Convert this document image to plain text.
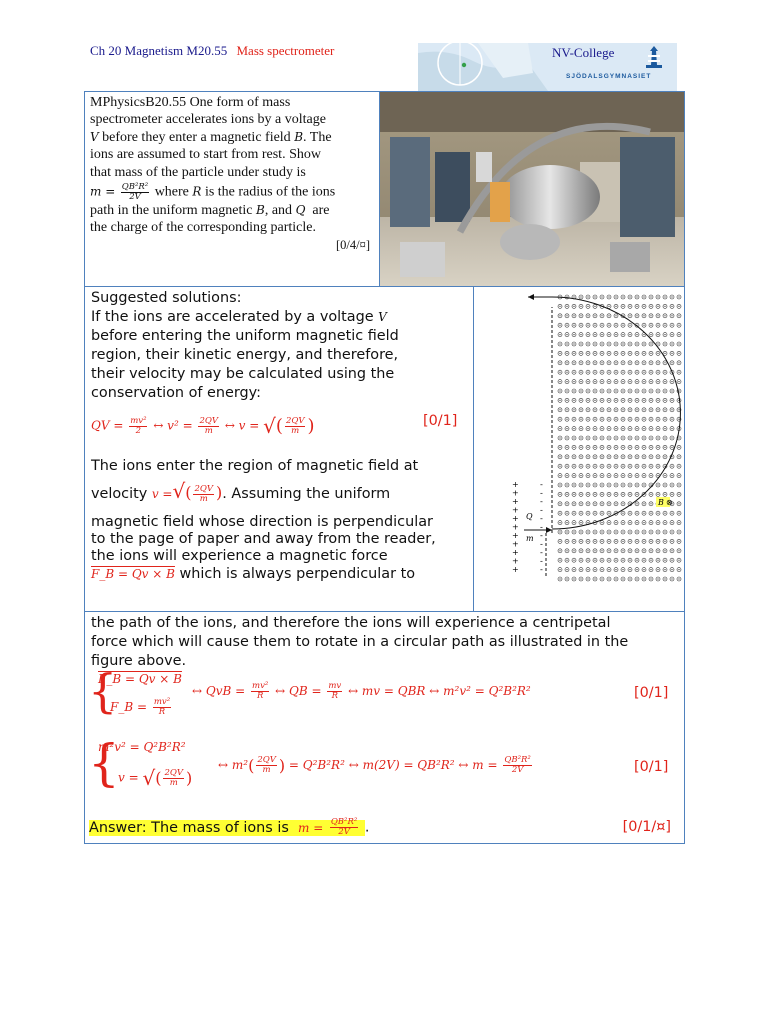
Ch 20 Magnetism M20.55 Mass spectrometer	NV-College
SJÖDALSGYMNASIET
MPhysicsB20.55 One form of mass
spectrometer accelerates ions by a voltage
V before they enter a magnetic field B. The
ions are assumed to start from rest. Show
that mass of the particle under study is
$m = \frac{\text{QB²R²}}{2V}$ where R is the radius of the ions
path in the uniform magnetic B, and Q are
the charge of the corresponding particle.
[0/4/¤]
Suggested solutions:
If the ions are accelerated by a voltage V
before entering the uniform magnetic field
region, their kinetic energy, and therefore,
their velocity may be calculated using the
conservation of energy:
QV = $\frac{\text{mv²}}{2}$ ↔ $v^2 = \frac{2QV}{m}$ ↔ v = √( $\frac{2QV}{m}$ )	[0/1]
The ions enter the region of magnetic field at
velocity v =√( $\frac{2QV}{m}$ ). Assuming the uniform
magnetic field whose direction is perpendicular
to the page of paper and away from the reader,
the ions will experience a magnetic force
F_B = Qv × B which is always perpendicular to
Q
m
B
+	-
+	-
+	-
+	-
+	-
+	-
+	-
+	-
+	-
+	-
+	-
⊗
the path of the ions, and therefore the ions will experience a centripetal
force which will cause them to rotate in a circular path as illustrated in the
figure above.
{
F_B = Qv × B
F_B = $\frac{\text{mv²}}{R}$
↔ QvB = $\frac{\text{mv²}}{R}$ ↔ QB = $\frac{mv}{R}$ ↔ mv = QBR ↔ m²v² = Q²B²R²	[0/1]
{
m²v² = Q²B²R²
v = √( $\frac{2QV}{m}$ )
↔ $m^2( \frac{2QV}{m}$ ) = Q²B²R² ↔ m(2V) = QB²R² ↔ $m = \frac{\text{QB²R²}}{2V}$	[0/1]
Answer: The mass of ions is $m = \frac{\text{QB²R²}}{2V}$ .	[0/1/¤]
